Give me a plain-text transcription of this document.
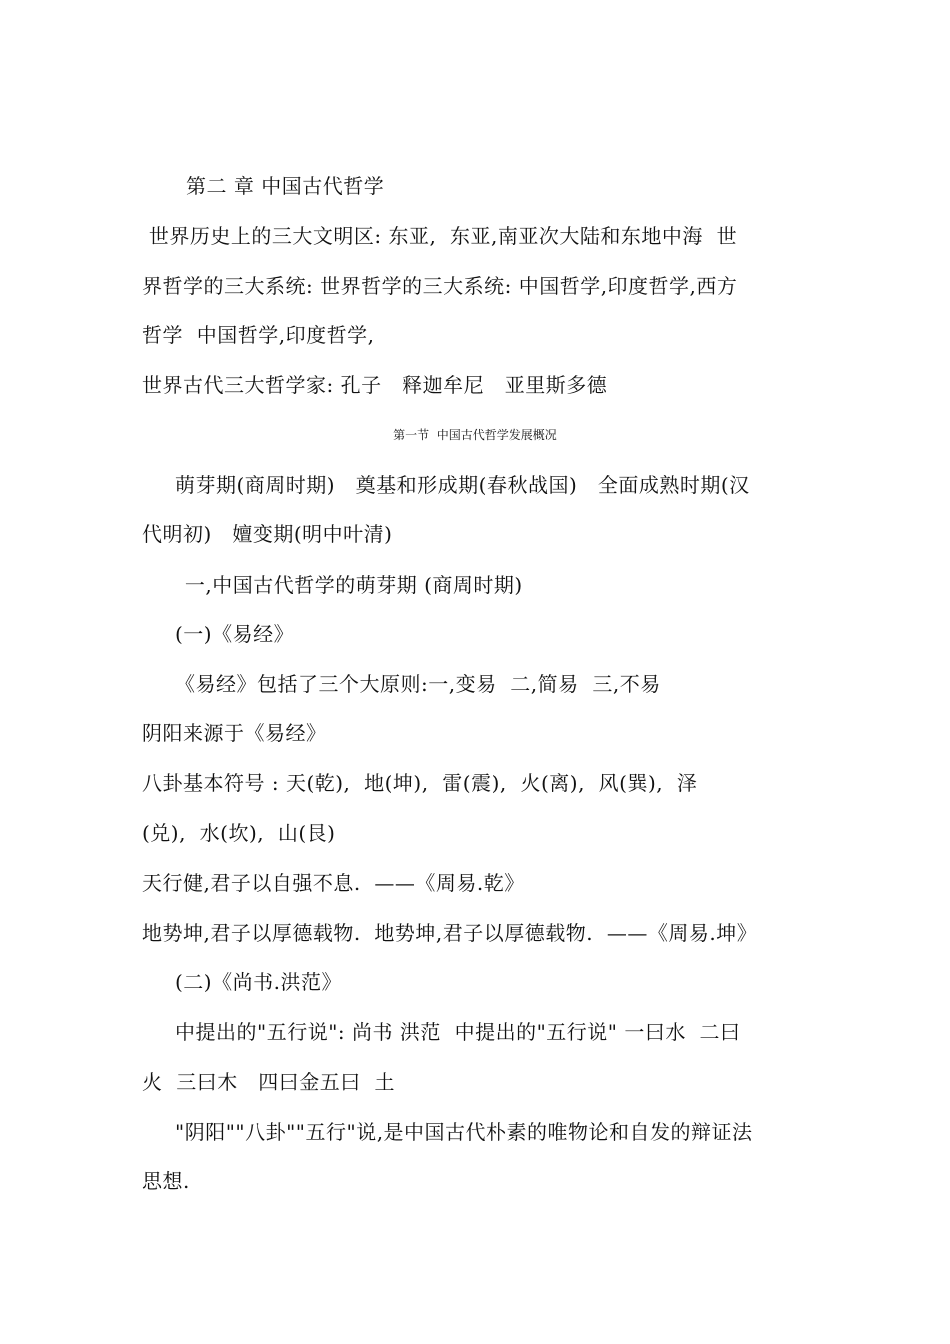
第二 章 中国古代哲学
世界历史上的三大文明区: 东亚,  东亚,南亚次大陆和东地中海  世
界哲学的三大系统: 世界哲学的三大系统: 中国哲学,印度哲学,西方
哲学  中国哲学,印度哲学,
世界古代三大哲学家: 孔子   释迦牟尼   亚里斯多德
第一节  中国古代哲学发展概况
萌芽期(商周时期)   奠基和形成期(春秋战国)   全面成熟时期(汉
代明初)   嬗变期(明中叶清)
一,中国古代哲学的萌芽期 (商周时期)
(一)《易经》
《易经》包括了三个大原则:一,变易  二,简易  三,不易
阴阳来源于《易经》
八卦基本符号 : 天(乾),  地(坤),  雷(震),  火(离),  风(巽),  泽
(兑),  水(坎),  山(艮)
天行健,君子以自强不息.  ——《周易.乾》
地势坤,君子以厚德载物.  地势坤,君子以厚德载物.  ——《周易.坤》
(二)《尚书.洪范》
中提出的"五行说": 尚书 洪范  中提出的"五行说" 一曰水  二曰
火  三曰木   四曰金五曰  土
"阴阳""八卦""五行"说,是中国古代朴素的唯物论和自发的辩证法
思想.
